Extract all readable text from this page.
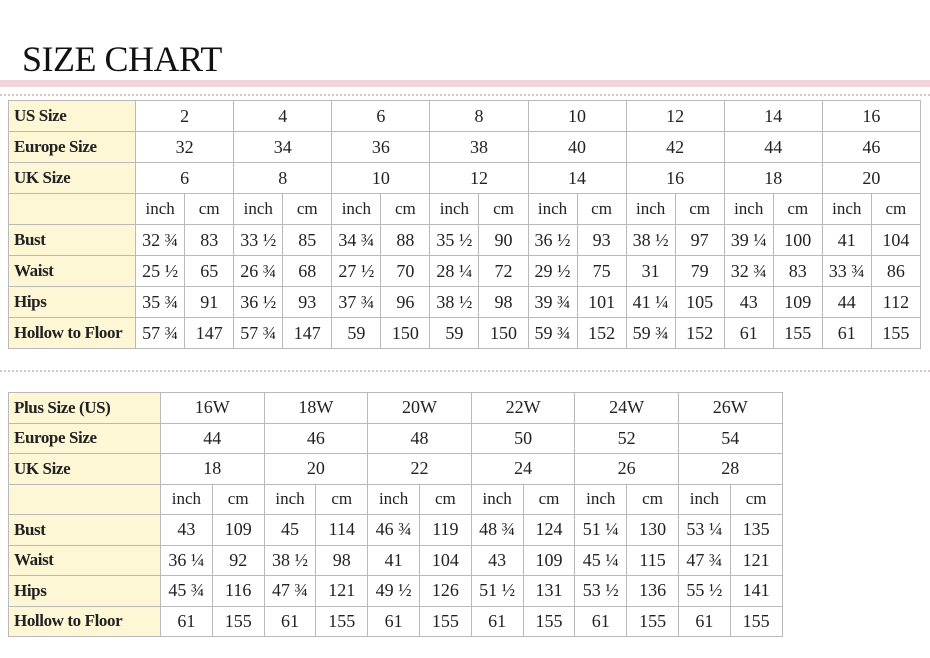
SIZE CHART
US Size	2		4		6		8		10		12		14		16	
Europe Size	32		34		36		38		40		42		44		46	
UK Size	6		8		10		12		14		16		18		20	
	inch	cm	inch	cm	inch	cm	inch	cm	inch	cm	inch	cm	inch	cm	inch	cm
Bust	32 ¾	83	33 ½	85	34 ¾	88	35 ½	90	36 ½	93	38 ½	97	39 ¼	100	41	104
Waist	25 ½	65	26 ¾	68	27 ½	70	28 ¼	72	29 ½	75	31	79	32 ¾	83	33 ¾	86
Hips	35 ¾	91	36 ½	93	37 ¾	96	38 ½	98	39 ¾	101	41 ¼	105	43	109	44	112
Hollow to Floor	57 ¾	147	57 ¾	147	59	150	59	150	59 ¾	152	59 ¾	152	61	155	61	155
Plus Size (US)	16W		18W		20W		22W		24W		26W	
Europe Size	44		46		48		50		52		54	
UK Size	18		20		22		24		26		28	
	inch	cm	inch	cm	inch	cm	inch	cm	inch	cm	inch	cm
Bust	43	109	45	114	46 ¾	119	48 ¾	124	51 ¼	130	53 ¼	135
Waist	36 ¼	92	38 ½	98	41	104	43	109	45 ¼	115	47 ¾	121
Hips	45 ¾	116	47 ¾	121	49 ½	126	51 ½	131	53 ½	136	55 ½	141
Hollow to Floor	61	155	61	155	61	155	61	155	61	155	61	155
